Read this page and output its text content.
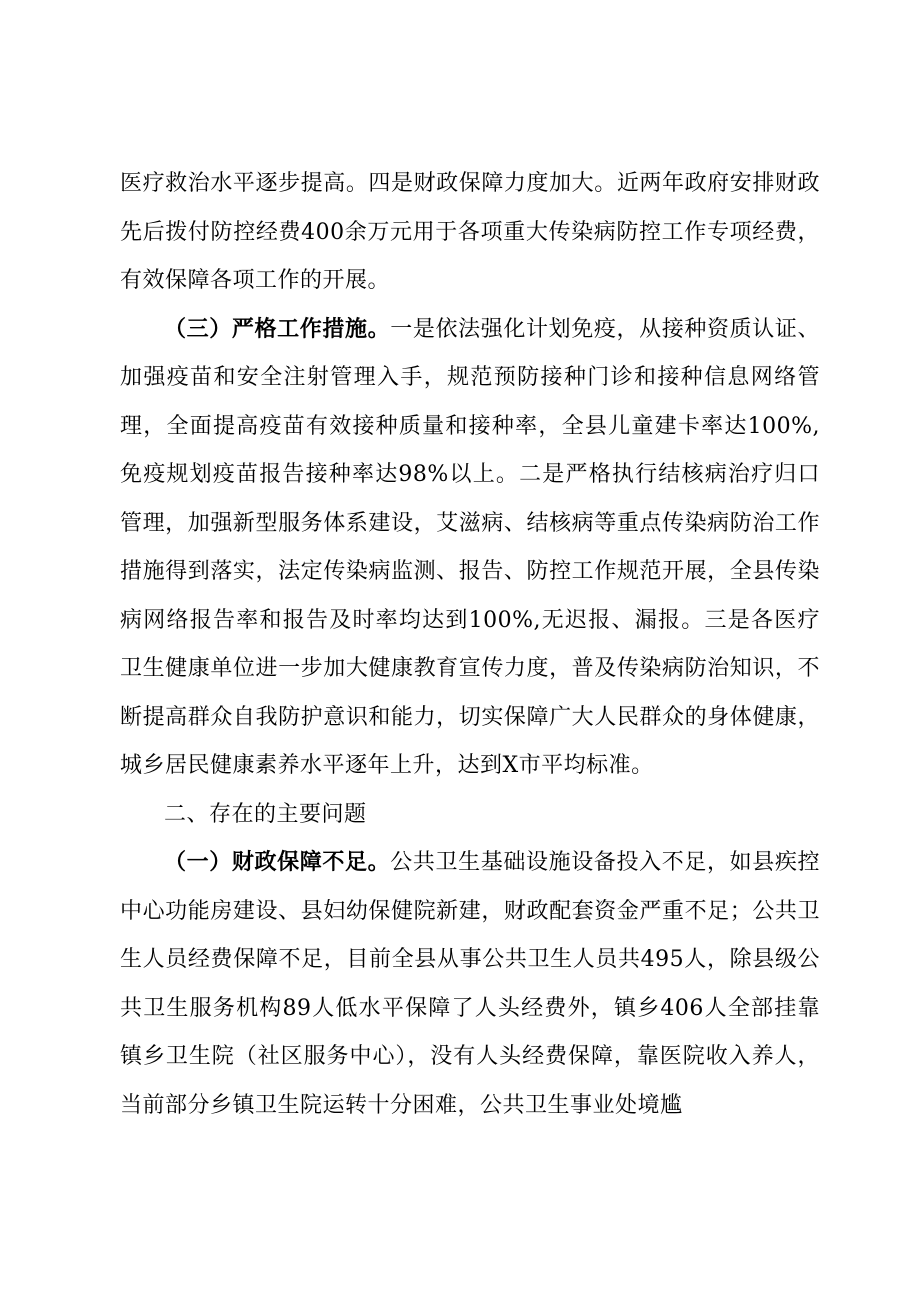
医疗救治水平逐步提高。四是财政保障力度加大。近两年政府安排财政先后拨付防控经费400余万元用于各项重大传染病防控工作专项经费，有效保障各项工作的开展。

（三）严格工作措施。一是依法强化计划免疫，从接种资质认证、加强疫苗和安全注射管理入手，规范预防接种门诊和接种信息网络管理，全面提高疫苗有效接种质量和接种率，全县儿童建卡率达100%,免疫规划疫苗报告接种率达98%以上。二是严格执行结核病治疗归口管理，加强新型服务体系建设，艾滋病、结核病等重点传染病防治工作措施得到落实，法定传染病监测、报告、防控工作规范开展，全县传染病网络报告率和报告及时率均达到100%,无迟报、漏报。三是各医疗卫生健康单位进一步加大健康教育宣传力度，普及传染病防治知识，不断提高群众自我防护意识和能力，切实保障广大人民群众的身体健康，城乡居民健康素养水平逐年上升，达到X市平均标准。

二、存在的主要问题

（一）财政保障不足。公共卫生基础设施设备投入不足，如县疾控中心功能房建设、县妇幼保健院新建，财政配套资金严重不足；公共卫生人员经费保障不足，目前全县从事公共卫生人员共495人，除县级公共卫生服务机构89人低水平保障了人头经费外，镇乡406人全部挂靠镇乡卫生院（社区服务中心），没有人头经费保障，靠医院收入养人，当前部分乡镇卫生院运转十分困难，公共卫生事业处境尴
